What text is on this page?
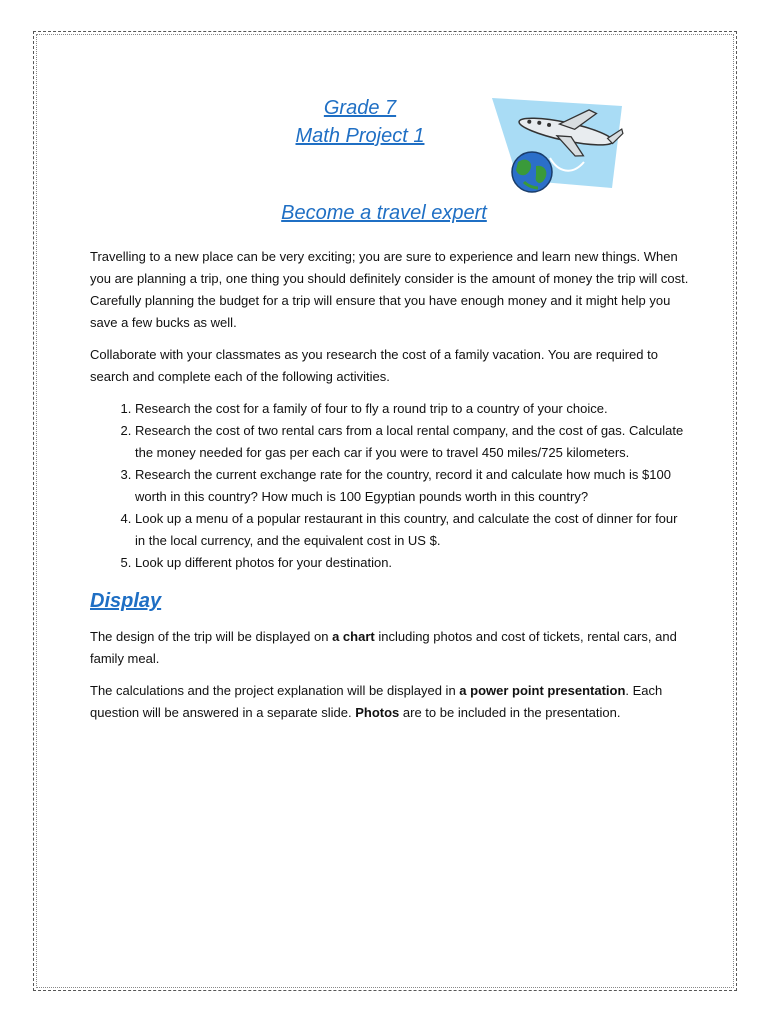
Grade 7
Math Project 1
Become a travel expert

Travelling to a new place can be very exciting; you are sure to experience and learn new things. When you are planning a trip, one thing you should definitely consider is the amount of money the trip will cost. Carefully planning the budget for a trip will ensure that you have enough money and it might help you save a few bucks as well.

Collaborate with your classmates as you research the cost of a family vacation. You are required to search and complete each of the following activities.

1. Research the cost for a family of four to fly a round trip to a country of your choice.
2. Research the cost of two rental cars from a local rental company, and the cost of gas. Calculate the money needed for gas per each car if you were to travel 450 miles/725 kilometers.
3. Research the current exchange rate for the country, record it and calculate how much is $100 worth in this country? How much is 100 Egyptian pounds worth in this country?
4. Look up a menu of a popular restaurant in this country, and calculate the cost of dinner for four in the local currency, and the equivalent cost in US $.
5. Look up different photos for your destination.
Display

The design of the trip will be displayed on a chart including photos and cost of tickets, rental cars, and family meal.

The calculations and the project explanation will be displayed in a power point presentation. Each question will be answered in a separate slide. Photos are to be included in the presentation.
